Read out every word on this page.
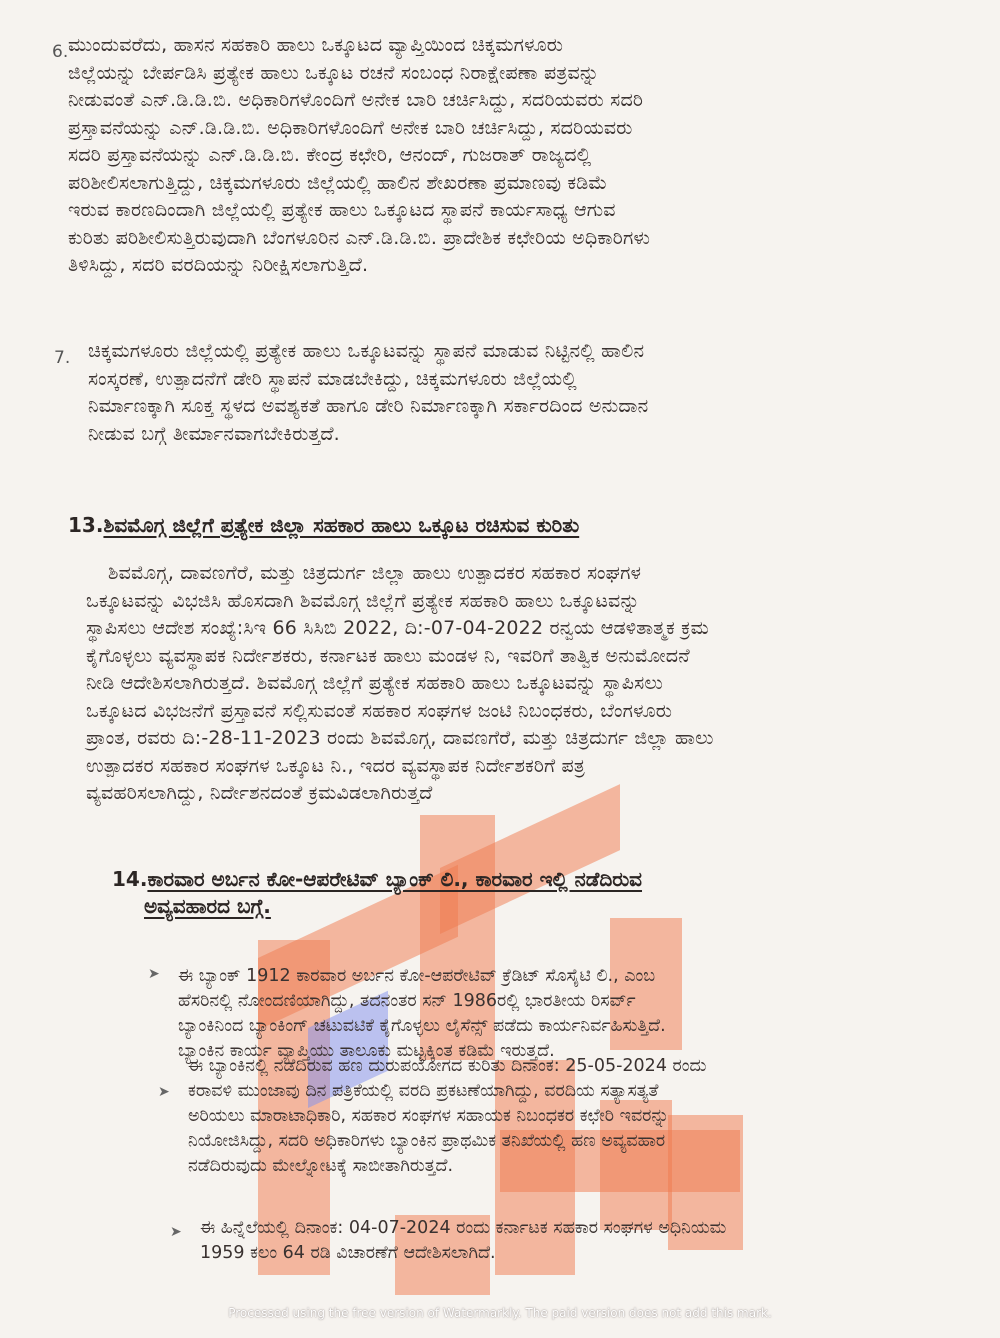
6. ಮುಂದುವರೆದು, ಹಾಸನ ಸಹಕಾರಿ ಹಾಲು ಒಕ್ಕೂಟದ ವ್ಯಾಪ್ತಿಯಿಂದ ಚಿಕ್ಕಮಗಳೂರು
ಜಿಲ್ಲೆಯನ್ನು ಬೇರ್ಪಡಿಸಿ ಪ್ರತ್ಯೇಕ ಹಾಲು ಒಕ್ಕೂಟ ರಚನೆ ಸಂಬಂಧ ನಿರಾಕ್ಷೇಪಣಾ ಪತ್ರವನ್ನು
ನೀಡುವಂತೆ ಎನ್.ಡಿ.ಡಿ.ಬಿ. ಅಧಿಕಾರಿಗಳೊಂದಿಗೆ ಅನೇಕ ಬಾರಿ ಚರ್ಚಿಸಿದ್ದು, ಸದರಿಯವರು ಸದರಿ
ಪ್ರಸ್ತಾವನೆಯನ್ನು ಎನ್.ಡಿ.ಡಿ.ಬಿ. ಅಧಿಕಾರಿಗಳೊಂದಿಗೆ ಅನೇಕ ಬಾರಿ ಚರ್ಚಿಸಿದ್ದು, ಸದರಿಯವರು
ಸದರಿ ಪ್ರಸ್ತಾವನೆಯನ್ನು ಎನ್.ಡಿ.ಡಿ.ಬಿ. ಕೇಂದ್ರ ಕಛೇರಿ, ಆನಂದ್, ಗುಜರಾತ್ ರಾಜ್ಯದಲ್ಲಿ
ಪರಿಶೀಲಿಸಲಾಗುತ್ತಿದ್ದು, ಚಿಕ್ಕಮಗಳೂರು ಜಿಲ್ಲೆಯಲ್ಲಿ ಹಾಲಿನ ಶೇಖರಣಾ ಪ್ರಮಾಣವು ಕಡಿಮೆ
ಇರುವ ಕಾರಣದಿಂದಾಗಿ ಜಿಲ್ಲೆಯಲ್ಲಿ ಪ್ರತ್ಯೇಕ ಹಾಲು ಒಕ್ಕೂಟದ ಸ್ಥಾಪನೆ ಕಾರ್ಯಸಾಧ್ಯ ಆಗುವ
ಕುರಿತು ಪರಿಶೀಲಿಸುತ್ತಿರುವುದಾಗಿ ಬೆಂಗಳೂರಿನ ಎನ್.ಡಿ.ಡಿ.ಬಿ. ಪ್ರಾದೇಶಿಕ ಕಛೇರಿಯ ಅಧಿಕಾರಿಗಳು
ತಿಳಿಸಿದ್ದು, ಸದರಿ ವರದಿಯನ್ನು ನಿರೀಕ್ಷಿಸಲಾಗುತ್ತಿದೆ.
7. ಚಿಕ್ಕಮಗಳೂರು ಜಿಲ್ಲೆಯಲ್ಲಿ ಪ್ರತ್ಯೇಕ ಹಾಲು ಒಕ್ಕೂಟವನ್ನು ಸ್ಥಾಪನೆ ಮಾಡುವ ನಿಟ್ಟಿನಲ್ಲಿ ಹಾಲಿನ
ಸಂಸ್ಕರಣೆ, ಉತ್ಪಾದನೆಗೆ ಡೇರಿ ಸ್ಥಾಪನೆ ಮಾಡಬೇಕಿದ್ದು, ಚಿಕ್ಕಮಗಳೂರು ಜಿಲ್ಲೆಯಲ್ಲಿ
ನಿರ್ಮಾಣಕ್ಕಾಗಿ ಸೂಕ್ತ ಸ್ಥಳದ ಅವಶ್ಯಕತೆ ಹಾಗೂ ಡೇರಿ ನಿರ್ಮಾಣಕ್ಕಾಗಿ ಸರ್ಕಾರದಿಂದ ಅನುದಾನ
ನೀಡುವ ಬಗ್ಗೆ ತೀರ್ಮಾನವಾಗಬೇಕಿರುತ್ತದೆ.
13.ಶಿವಮೊಗ್ಗ ಜಿಲ್ಲೆಗೆ ಪ್ರತ್ಯೇಕ ಜಿಲ್ಲಾ ಸಹಕಾರ ಹಾಲು ಒಕ್ಕೂಟ ರಚಿಸುವ ಕುರಿತು
ಶಿವಮೊಗ್ಗ, ದಾವಣಗೆರೆ, ಮತ್ತು ಚಿತ್ರದುರ್ಗ ಜಿಲ್ಲಾ ಹಾಲು ಉತ್ಪಾದಕರ ಸಹಕಾರ ಸಂಘಗಳ
ಒಕ್ಕೂಟವನ್ನು ವಿಭಜಿಸಿ ಹೊಸದಾಗಿ ಶಿವಮೊಗ್ಗ ಜಿಲ್ಲೆಗೆ ಪ್ರತ್ಯೇಕ ಸಹಕಾರಿ ಹಾಲು ಒಕ್ಕೂಟವನ್ನು
ಸ್ಥಾಪಿಸಲು ಆದೇಶ ಸಂಖ್ಯೆ:ಸಿಇ 66 ಸಿಸಿಬಿ 2022, ದಿ:-07-04-2022 ರನ್ವಯ ಆಡಳಿತಾತ್ಮಕ ಕ್ರಮ
ಕೈಗೊಳ್ಳಲು ವ್ಯವಸ್ಥಾಪಕ ನಿರ್ದೇಶಕರು, ಕರ್ನಾಟಕ ಹಾಲು ಮಂಡಳ ನಿ, ಇವರಿಗೆ ತಾತ್ವಿಕ ಅನುಮೋದನೆ
ನೀಡಿ ಆದೇಶಿಸಲಾಗಿರುತ್ತದೆ. ಶಿವಮೊಗ್ಗ ಜಿಲ್ಲೆಗೆ ಪ್ರತ್ಯೇಕ ಸಹಕಾರಿ ಹಾಲು ಒಕ್ಕೂಟವನ್ನು ಸ್ಥಾಪಿಸಲು
ಒಕ್ಕೂಟದ ವಿಭಜನೆಗೆ ಪ್ರಸ್ತಾವನೆ ಸಲ್ಲಿಸುವಂತೆ ಸಹಕಾರ ಸಂಘಗಳ ಜಂಟಿ ನಿಬಂಧಕರು, ಬೆಂಗಳೂರು
ಪ್ರಾಂತ, ರವರು ದಿ:-28-11-2023 ರಂದು ಶಿವಮೊಗ್ಗ, ದಾವಣಗೆರೆ, ಮತ್ತು ಚಿತ್ರದುರ್ಗ ಜಿಲ್ಲಾ ಹಾಲು
ಉತ್ಪಾದಕರ ಸಹಕಾರ ಸಂಘಗಳ ಒಕ್ಕೂಟ ನಿ., ಇದರ ವ್ಯವಸ್ಥಾಪಕ ನಿರ್ದೇಶಕರಿಗೆ ಪತ್ರ
ವ್ಯವಹರಿಸಲಾಗಿದ್ದು, ನಿರ್ದೇಶನದಂತೆ ಕ್ರಮವಿಡಲಾಗಿರುತ್ತದೆ
14.ಕಾರವಾರ ಅರ್ಬನ ಕೋ-ಆಪರೇಟಿವ್ ಬ್ಯಾಂಕ್ ಲಿ., ಕಾರವಾರ ಇಲ್ಲಿ ನಡೆದಿರುವ
ಅವ್ಯವಹಾರದ ಬಗ್ಗೆ.
➤ ಈ ಬ್ಯಾಂಕ್ 1912 ಕಾರವಾರ ಅರ್ಬನ ಕೋ-ಆಪರೇಟಿವ್ ಕ್ರೆಡಿಟ್ ಸೊಸೈಟಿ ಲಿ., ಎಂಬ
ಹೆಸರಿನಲ್ಲಿ ನೋಂದಣಿಯಾಗಿದ್ದು, ತದನಂತರ ಸನ್ 1986ರಲ್ಲಿ ಭಾರತೀಯ ರಿಸರ್ವ್
ಬ್ಯಾಂಕಿನಿಂದ ಬ್ಯಾಂಕಿಂಗ್ ಚಟುವಟಿಕೆ ಕೈಗೊಳ್ಳಲು ಲೈಸೆನ್ಸ್ ಪಡೆದು ಕಾರ್ಯನಿರ್ವಹಿಸುತ್ತಿದೆ.
ಬ್ಯಾಂಕಿನ ಕಾರ್ಯ ವ್ಯಾಪ್ತಿಯು ತಾಲೂಕು ಮಟ್ಟಕ್ಕಿಂತ ಕಡಿಮೆ ಇರುತ್ತದೆ.
➤
ಈ ಬ್ಯಾಂಕಿನಲ್ಲಿ ನಡೆದಿರುವ ಹಣ ದುರುಪಯೋಗದ ಕುರಿತು ದಿನಾಂಕ: 25-05-2024 ರಂದು
ಕರಾವಳಿ ಮುಂಜಾವು ದಿನ ಪತ್ರಿಕೆಯಲ್ಲಿ ವರದಿ ಪ್ರಕಟಣೆಯಾಗಿದ್ದು, ವರದಿಯ ಸತ್ಯಾಸತ್ಯತೆ
ಅರಿಯಲು ಮಾರಾಟಾಧಿಕಾರಿ, ಸಹಕಾರ ಸಂಘಗಳ ಸಹಾಯಕ ನಿಬಂಧಕರ ಕಛೇರಿ ಇವರನ್ನು
ನಿಯೋಜಿಸಿದ್ದು, ಸದರಿ ಅಧಿಕಾರಿಗಳು ಬ್ಯಾಂಕಿನ ಪ್ರಾಥಮಿಕ ತನಿಖೆಯಲ್ಲಿ ಹಣ ಅವ್ಯವಹಾರ
ನಡೆದಿರುವುದು ಮೇಲ್ನೋಟಕ್ಕೆ ಸಾಬೀತಾಗಿರುತ್ತದೆ.
➤ ಈ ಹಿನ್ನೆಲೆಯಲ್ಲಿ ದಿನಾಂಕ: 04-07-2024 ರಂದು ಕರ್ನಾಟಕ ಸಹಕಾರ ಸಂಘಗಳ ಅಧಿನಿಯಮ
1959 ಕಲಂ 64 ರಡಿ ವಿಚಾರಣೆಗೆ ಆದೇಶಿಸಲಾಗಿದೆ.
Processed using the free version of Watermarkly. The paid version does not add this mark.
